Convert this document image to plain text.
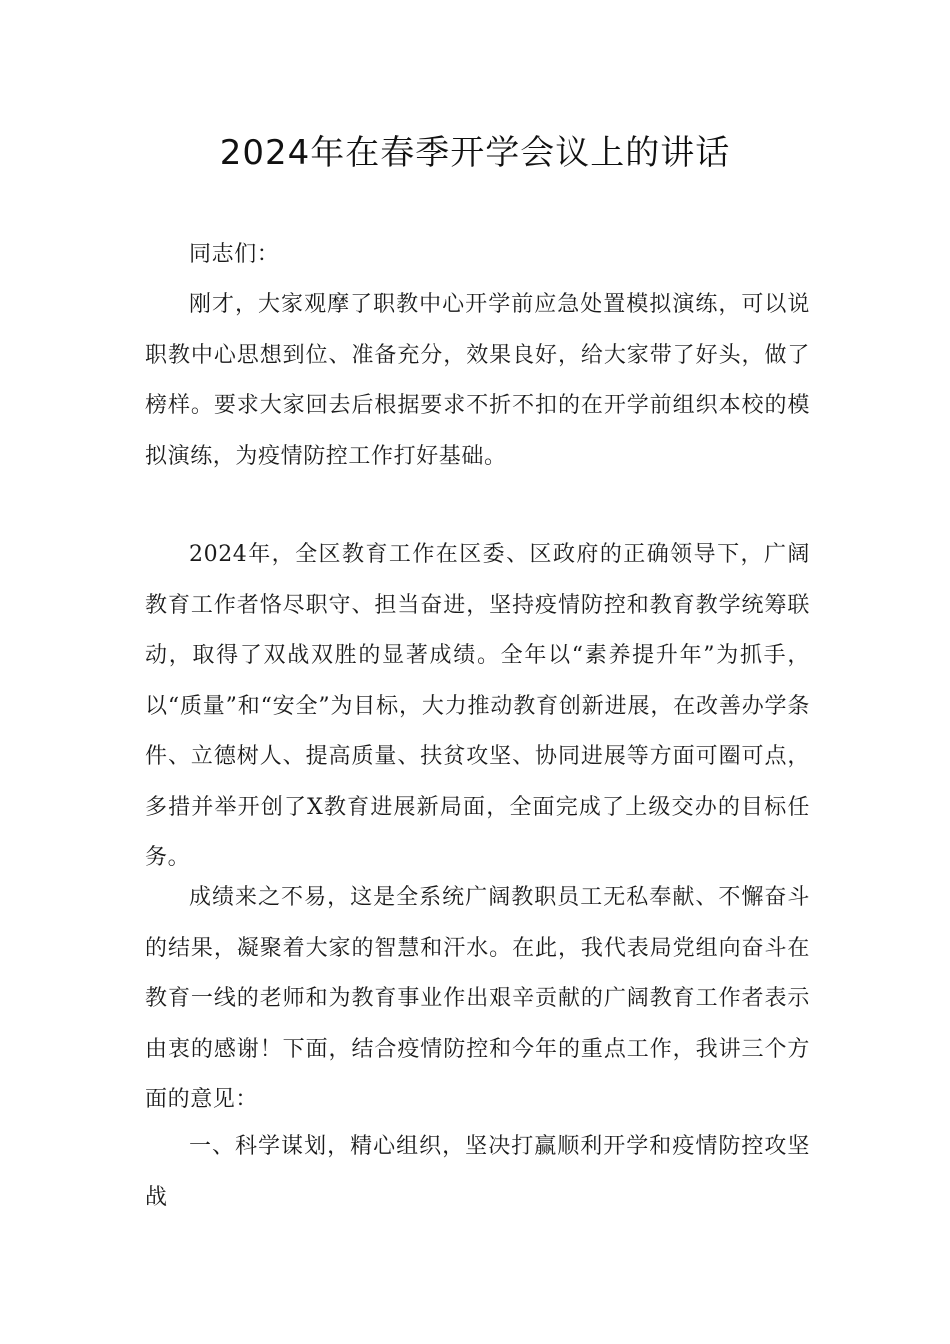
2024年在春季开学会议上的讲话
同志们：
刚才，大家观摩了职教中心开学前应急处置模拟演练，可以说职教中心思想到位、准备充分，效果良好，给大家带了好头，做了榜样。要求大家回去后根据要求不折不扣的在开学前组织本校的模拟演练，为疫情防控工作打好基础。
2024年，全区教育工作在区委、区政府的正确领导下，广阔教育工作者恪尽职守、担当奋进，坚持疫情防控和教育教学统筹联动，取得了双战双胜的显著成绩。全年以“素养提升年”为抓手，以“质量”和“安全”为目标，大力推动教育创新进展，在改善办学条件、立德树人、提高质量、扶贫攻坚、协同进展等方面可圈可点，多措并举开创了X教育进展新局面，全面完成了上级交办的目标任务。
成绩来之不易，这是全系统广阔教职员工无私奉献、不懈奋斗的结果，凝聚着大家的智慧和汗水。在此，我代表局党组向奋斗在教育一线的老师和为教育事业作出艰辛贡献的广阔教育工作者表示由衷的感谢！下面，结合疫情防控和今年的重点工作，我讲三个方面的意见：
一、科学谋划，精心组织，坚决打赢顺利开学和疫情防控攻坚战
